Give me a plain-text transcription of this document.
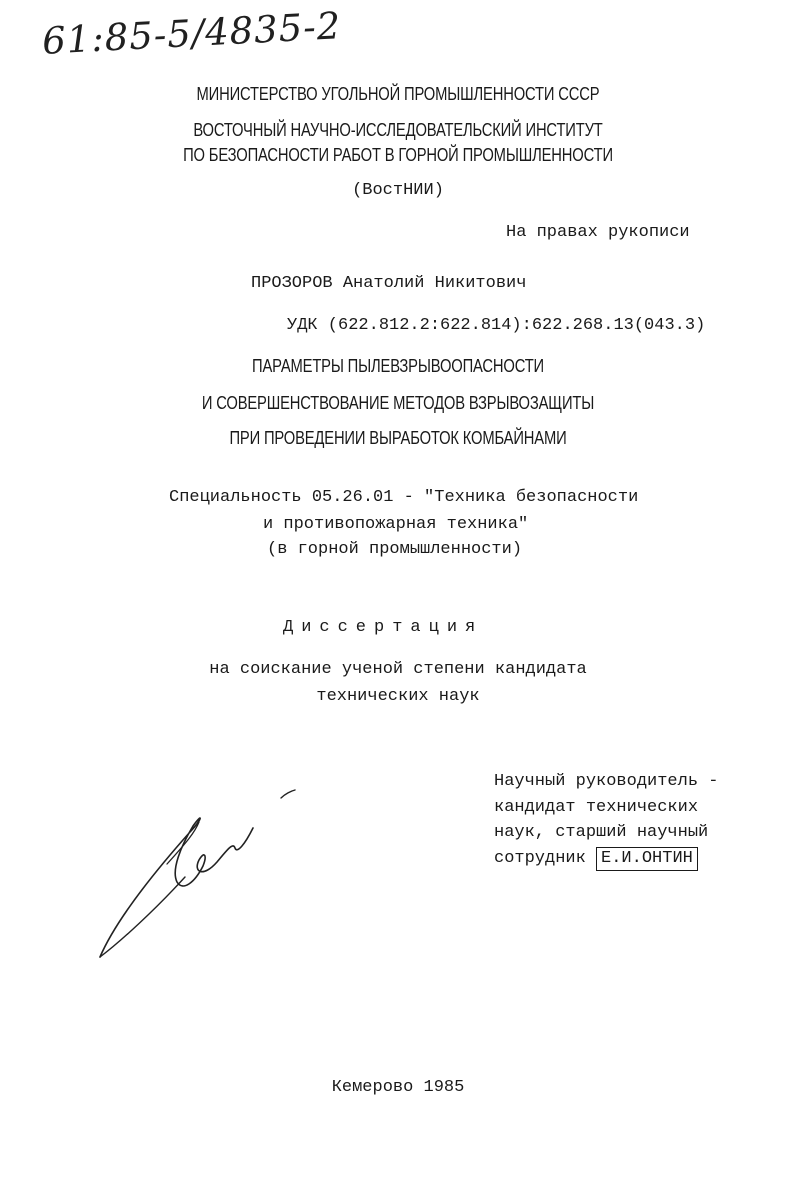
61:85-5/4835-2
МИНИСТЕРСТВО УГОЛЬНОЙ ПРОМЫШЛЕННОСТИ СССР
ВОСТОЧНЫЙ НАУЧНО-ИССЛЕДОВАТЕЛЬСКИЙ ИНСТИТУТ
ПО БЕЗОПАСНОСТИ РАБОТ В ГОРНОЙ ПРОМЫШЛЕННОСТИ
(ВостНИИ)
На правах рукописи
ПРОЗОРОВ Анатолий Никитович
УДК (622.812.2:622.814):622.268.13(043.3)
ПАРАМЕТРЫ ПЫЛЕВЗРЫВООПАСНОСТИ
И СОВЕРШЕНСТВОВАНИЕ МЕТОДОВ ВЗРЫВОЗАЩИТЫ
ПРИ ПРОВЕДЕНИИ ВЫРАБОТОК КОМБАЙНАМИ
Специальность 05.26.01 - "Техника безопасности
и противопожарная техника"
(в горной промышленности)
Диссертация
на соискание ученой степени кандидата
технических наук
Научный руководитель -
кандидат технических
наук, старший научный
сотрудник Е.И.ОНТИН
Кемерово 1985
